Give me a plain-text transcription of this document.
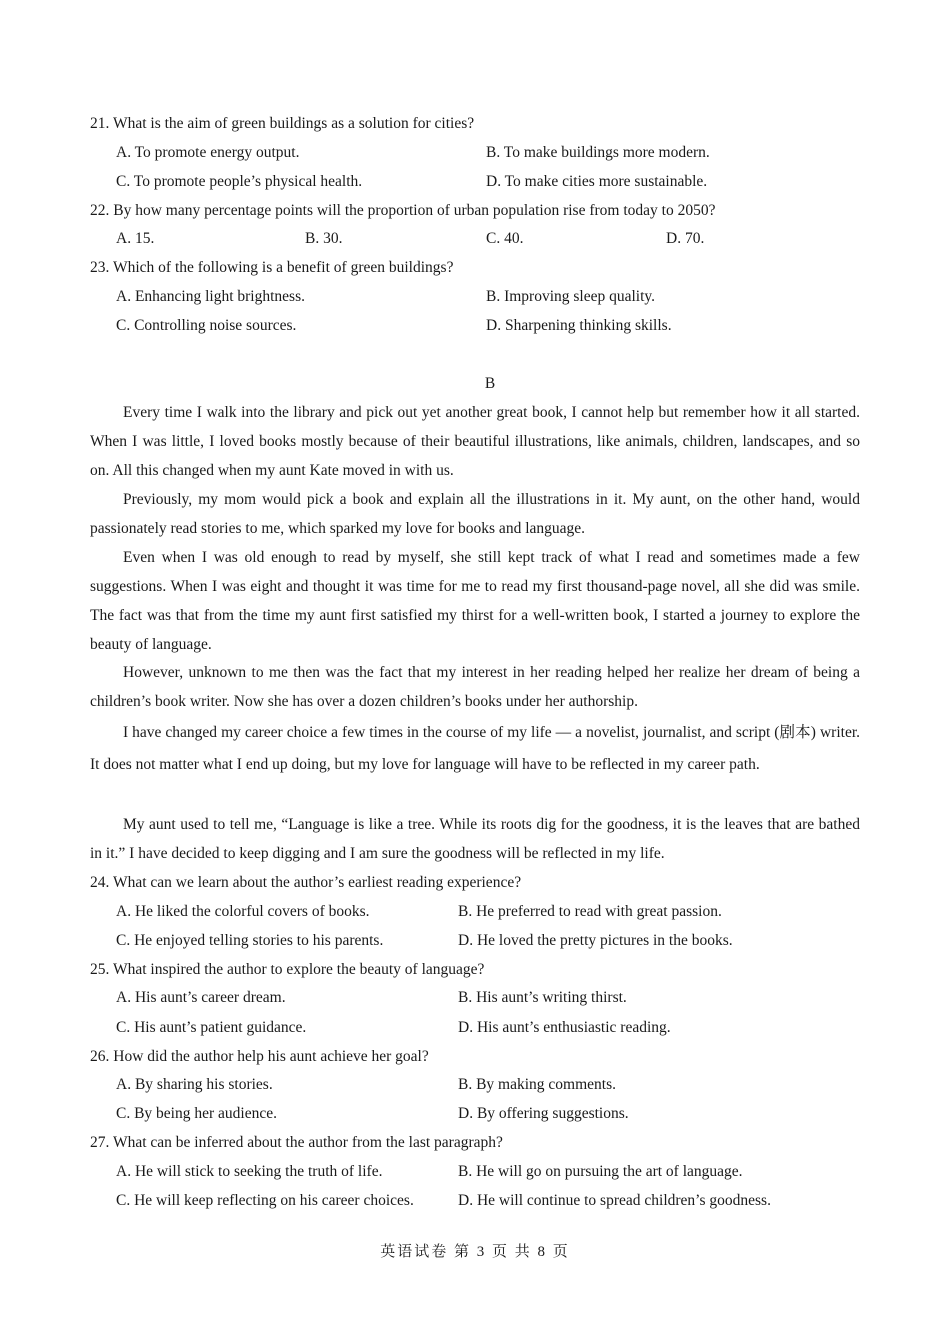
21. What is the aim of green buildings as a solution for cities?
A. To promote energy output.	B. To make buildings more modern.
C. To promote people’s physical health.	D. To make cities more sustainable.
22. By how many percentage points will the proportion of urban population rise from today to 2050?
A. 15.	B. 30.	C. 40.	D. 70.
23. Which of the following is a benefit of green buildings?
A. Enhancing light brightness.	B. Improving sleep quality.
C. Controlling noise sources.	D. Sharpening thinking skills.
B
Every time I walk into the library and pick out yet another great book, I cannot help but remember how it all started. When I was little, I loved books mostly because of their beautiful illustrations, like animals, children, landscapes, and so on. All this changed when my aunt Kate moved in with us.
Previously, my mom would pick a book and explain all the illustrations in it. My aunt, on the other hand, would passionately read stories to me, which sparked my love for books and language.
Even when I was old enough to read by myself, she still kept track of what I read and sometimes made a few suggestions. When I was eight and thought it was time for me to read my first thousand-page novel, all she did was smile. The fact was that from the time my aunt first satisfied my thirst for a well-written book, I started a journey to explore the beauty of language.
However, unknown to me then was the fact that my interest in her reading helped her realize her dream of being a children’s book writer. Now she has over a dozen children’s books under her authorship.
I have changed my career choice a few times in the course of my life — a novelist, journalist, and script (剧本) writer. It does not matter what I end up doing, but my love for language will have to be reflected in my career path.
My aunt used to tell me, “Language is like a tree. While its roots dig for the goodness, it is the leaves that are bathed in it.” I have decided to keep digging and I am sure the goodness will be reflected in my life.
24. What can we learn about the author’s earliest reading experience?
A. He liked the colorful covers of books.	B. He preferred to read with great passion.
C. He enjoyed telling stories to his parents.	D. He loved the pretty pictures in the books.
25. What inspired the author to explore the beauty of language?
A. His aunt’s career dream.	B. His aunt’s writing thirst.
C. His aunt’s patient guidance.	D. His aunt’s enthusiastic reading.
26. How did the author help his aunt achieve her goal?
A. By sharing his stories.	B. By making comments.
C. By being her audience.	D. By offering suggestions.
27. What can be inferred about the author from the last paragraph?
A. He will stick to seeking the truth of life.	B. He will go on pursuing the art of language.
C. He will keep reflecting on his career choices.	D. He will continue to spread children’s goodness.
英语试卷 第 3 页 共 8 页
